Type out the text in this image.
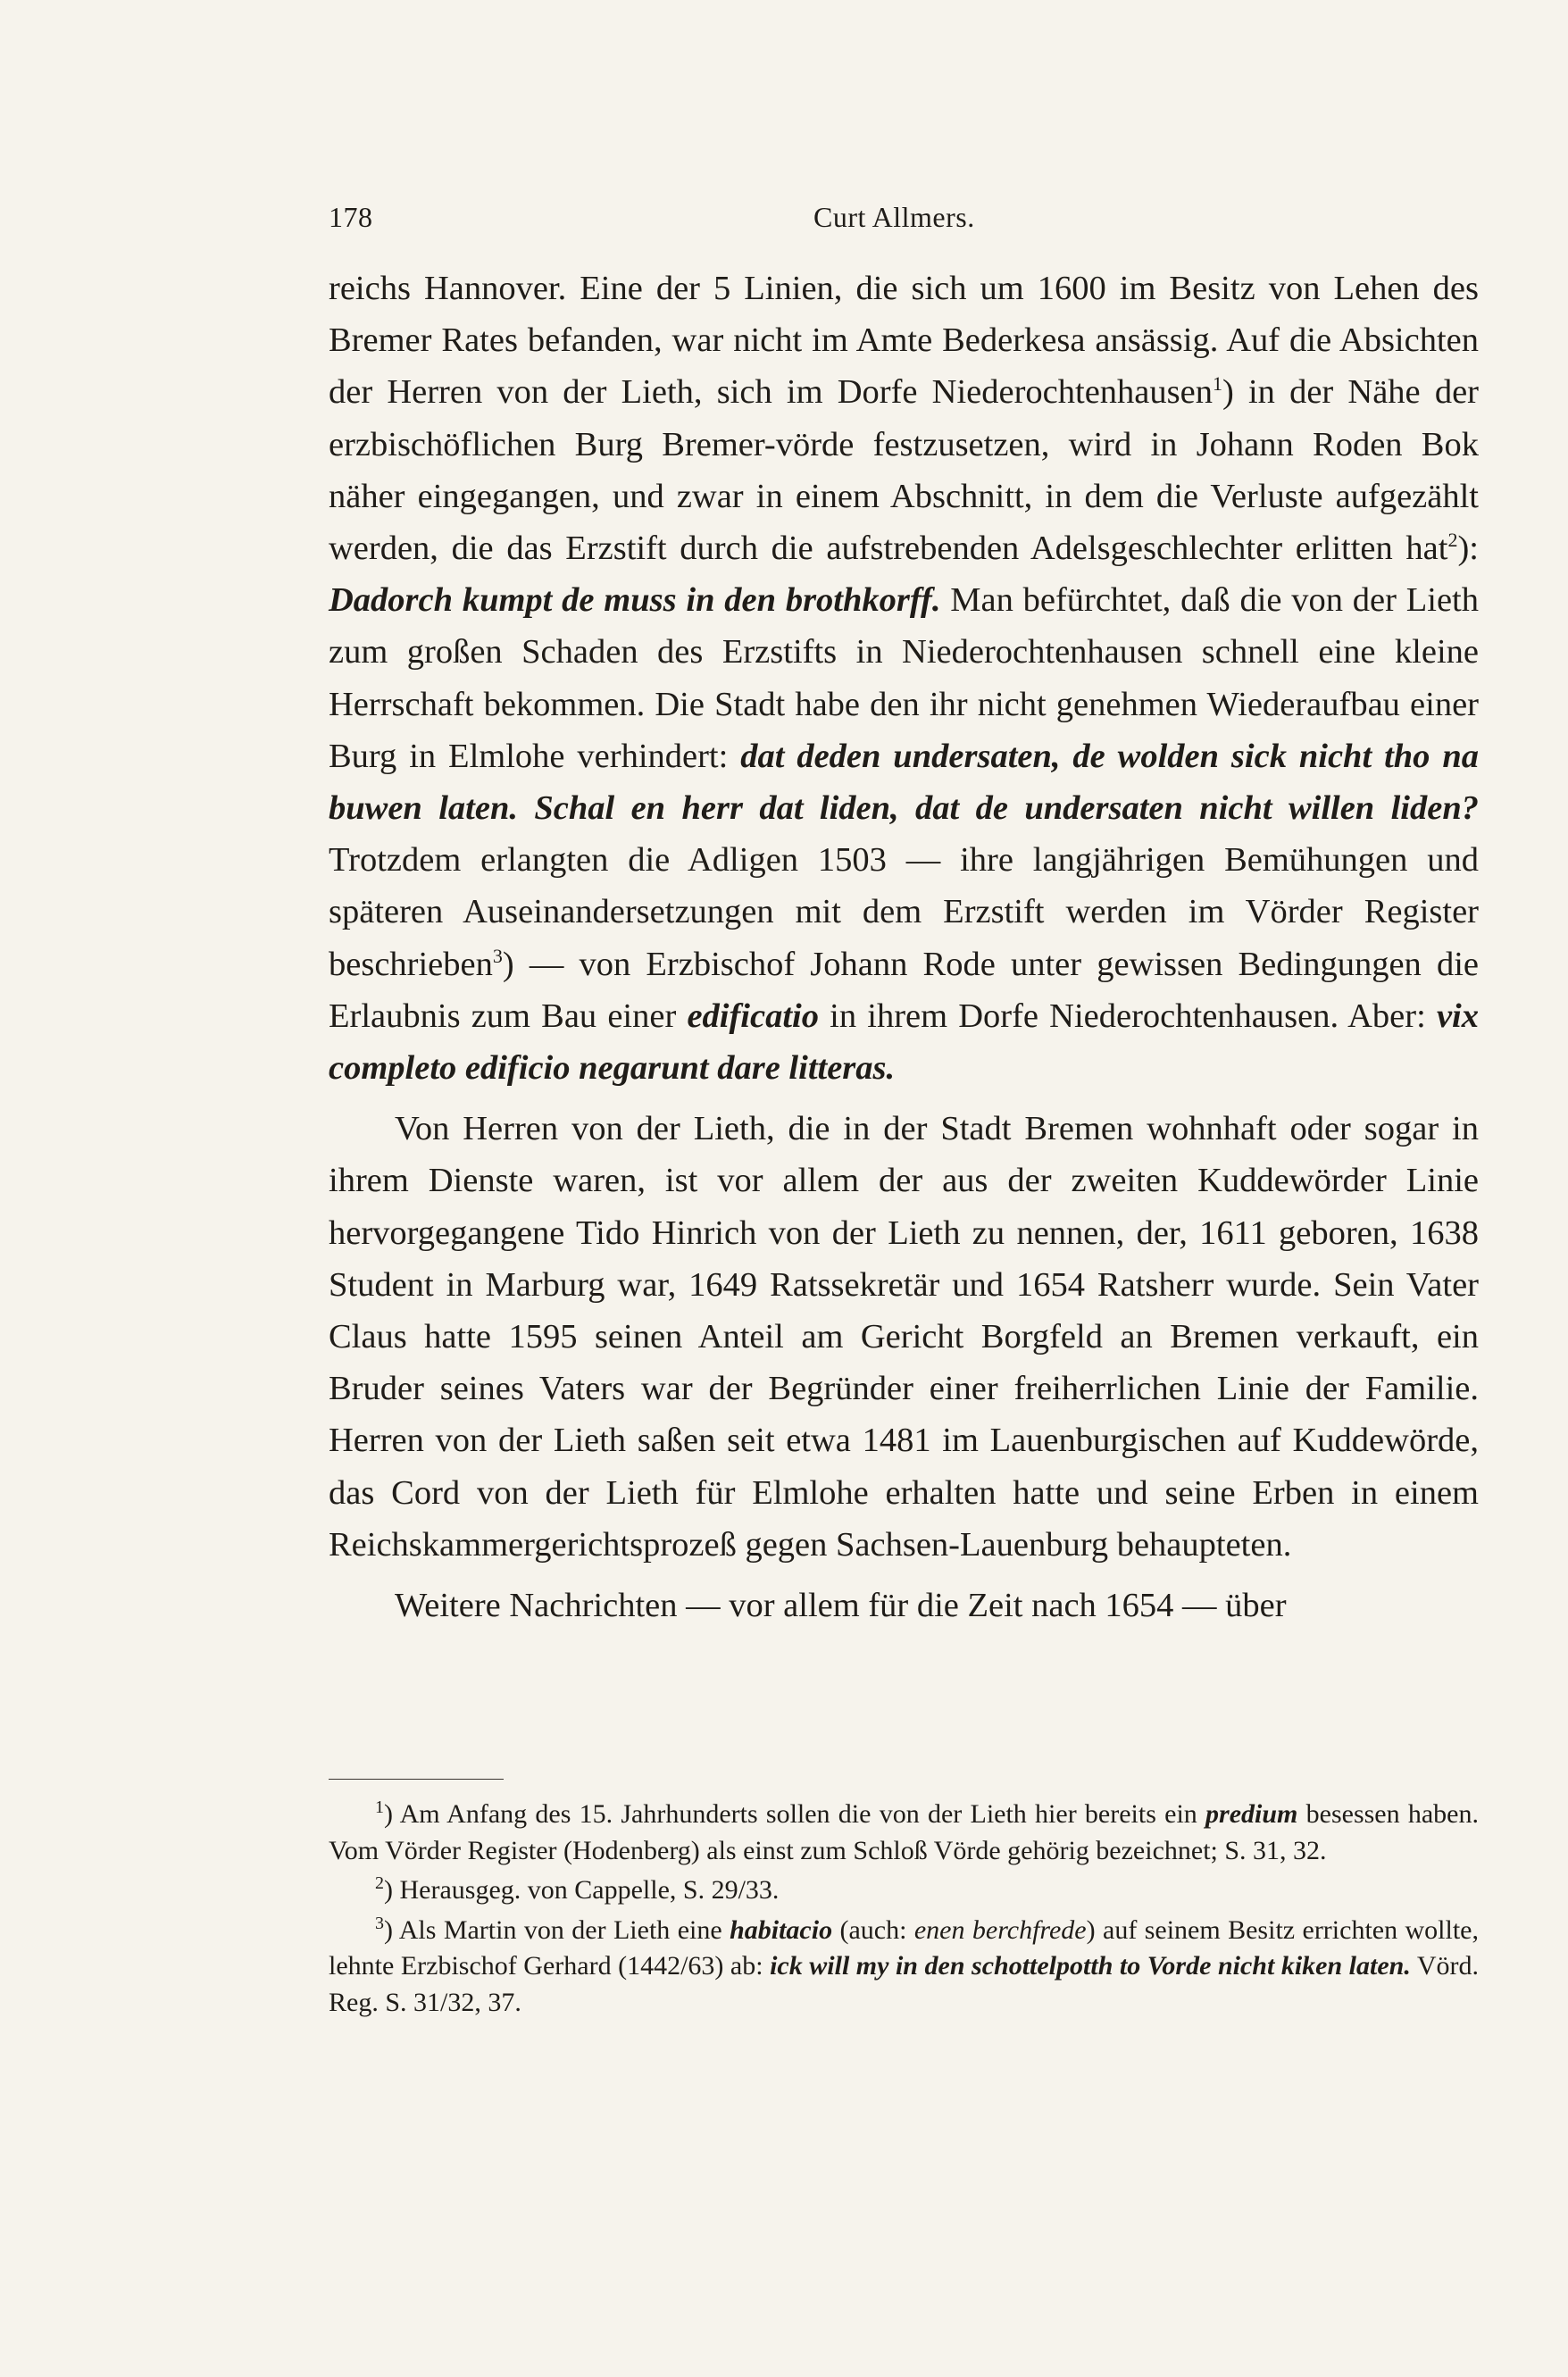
178	Curt Allmers.

reichs Hannover. Eine der 5 Linien, die sich um 1600 im Besitz von Lehen des Bremer Rates befanden, war nicht im Amte Bederkesa ansässig. Auf die Absichten der Herren von der Lieth, sich im Dorfe Niederochtenhausen$^1$) in der Nähe der erzbischöflichen Burg Bremer-vörde festzusetzen, wird in Johann Roden Bok näher eingegangen, und zwar in einem Abschnitt, in dem die Verluste aufgezählt werden, die das Erzstift durch die aufstrebenden Adelsgeschlechter erlitten hat$^2$): Dadorch kumpt de muss in den brothkorff. Man befürchtet, daß die von der Lieth zum großen Schaden des Erzstifts in Niederochtenhausen schnell eine kleine Herrschaft bekommen. Die Stadt habe den ihr nicht genehmen Wiederaufbau einer Burg in Elmlohe verhindert: dat deden undersaten, de wolden sick nicht tho na buwen laten. Schal en herr dat liden, dat de undersaten nicht willen liden? Trotzdem erlangten die Adligen 1503 — ihre langjährigen Bemühungen und späteren Auseinandersetzungen mit dem Erzstift werden im Vörder Register beschrieben$^3$) — von Erzbischof Johann Rode unter gewissen Bedingungen die Erlaubnis zum Bau einer edificatio in ihrem Dorfe Niederochtenhausen. Aber: vix completo edificio negarunt dare litteras.

Von Herren von der Lieth, die in der Stadt Bremen wohnhaft oder sogar in ihrem Dienste waren, ist vor allem der aus der zweiten Kuddewörder Linie hervorgegangene Tido Hinrich von der Lieth zu nennen, der, 1611 geboren, 1638 Student in Marburg war, 1649 Ratssekretär und 1654 Ratsherr wurde. Sein Vater Claus hatte 1595 seinen Anteil am Gericht Borgfeld an Bremen verkauft, ein Bruder seines Vaters war der Begründer einer freiherrlichen Linie der Familie. Herren von der Lieth saßen seit etwa 1481 im Lauenburgischen auf Kuddewörde, das Cord von der Lieth für Elmlohe erhalten hatte und seine Erben in einem Reichskammergerichtsprozeß gegen Sachsen-Lauenburg behaupteten.

Weitere Nachrichten — vor allem für die Zeit nach 1654 — über

$^1$) Am Anfang des 15. Jahrhunderts sollen die von der Lieth hier bereits ein predium besessen haben. Vom Vörder Register (Hodenberg) als einst zum Schloß Vörde gehörig bezeichnet; S. 31, 32.

$^2$) Herausgeg. von Cappelle, S. 29/33.

$^3$) Als Martin von der Lieth eine habitacio (auch: enen berchfrede) auf seinem Besitz errichten wollte, lehnte Erzbischof Gerhard (1442/63) ab: ick will my in den schottelpotth to Vorde nicht kiken laten. Vörd. Reg. S. 31/32, 37.
